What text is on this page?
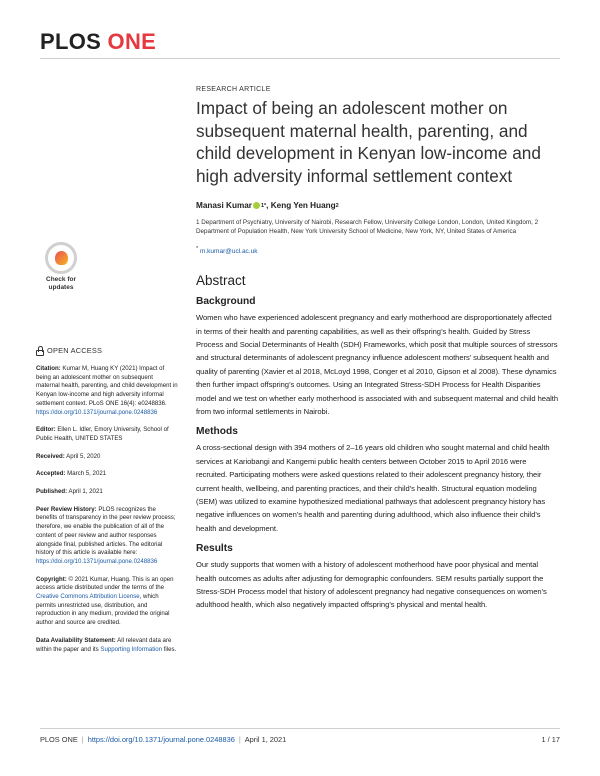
PLOS ONE
RESEARCH ARTICLE
Impact of being an adolescent mother on subsequent maternal health, parenting, and child development in Kenyan low-income and high adversity informal settlement context
Manasi Kumar 1 * , Keng Yen Huang 2
1 Department of Psychiatry, University of Nairobi, Research Fellow, University College London, London, United Kingdom, 2 Department of Population Health, New York University School of Medicine, New York, NY, United States of America
* m.kumar@ucl.ac.uk
Abstract
Background

Women who have experienced adolescent pregnancy and early motherhood are disproportionately affected in terms of their health and parenting capabilities, as well as their offspring’s health. Guided by Stress Process and Social Determinants of Health (SDH) Frameworks, which posit that multiple sources of stressors and structural determinants of adolescent pregnancy influence adolescent mothers’ subsequent health and quality of parenting (Xavier et al 2018, McLoyd 1998, Conger et al 2010, Gipson et al 2008). These dynamics then further impact offspring’s outcomes. Using an Integrated Stress-SDH Process for Health Disparities model and we test on whether early motherhood is associated with and subsequent maternal and child health from two informal settlements in Nairobi.

Methods

A cross-sectional design with 394 mothers of 2–16 years old children who sought maternal and child health services at Kariobangi and Kangemi public health centers between October 2015 to April 2016 were recruited. Participating mothers were asked questions related to their adolescent pregnancy history, their current health, wellbeing, and parenting practices, and their child’s health. Structural equation modeling (SEM) was utilized to examine hypothesized mediational pathways that adolescent pregnancy history has negative influences on women’s health and parenting during adulthood, which also influence their child’s health and development.

Results

Our study supports that women with a history of adolescent motherhood have poor physical and mental health outcomes as adults after adjusting for demographic confounders. SEM results partially support the Stress-SDH Process model that history of adolescent pregnancy had negative consequences on women’s adulthood health, which also negatively impacted offspring’s physical and mental health.

Check for
updates
OPEN ACCESS
Citation: Kumar M, Huang KY (2021) Impact of being an adolescent mother on subsequent maternal health, parenting, and child development in Kenyan low-income and high adversity informal settlement context. PLoS ONE 16(4): e0248836. https://doi.org/10.1371/journal.pone.0248836
Editor: Ellen L. Idler, Emory University, School of Public Health, UNITED STATES
Received: April 5, 2020
Accepted: March 5, 2021
Published: April 1, 2021
Peer Review History: PLOS recognizes the benefits of transparency in the peer review process; therefore, we enable the publication of all of the content of peer review and author responses alongside final, published articles. The editorial history of this article is available here: https://doi.org/10.1371/journal.pone.0248836
Copyright: © 2021 Kumar, Huang. This is an open access article distributed under the terms of the Creative Commons Attribution License, which permits unrestricted use, distribution, and reproduction in any medium, provided the original author and source are credited.
Data Availability Statement: All relevant data are within the paper and its Supporting Information files.
PLOS ONE | https://doi.org/10.1371/journal.pone.0248836 | April 1, 2021	1 / 17
